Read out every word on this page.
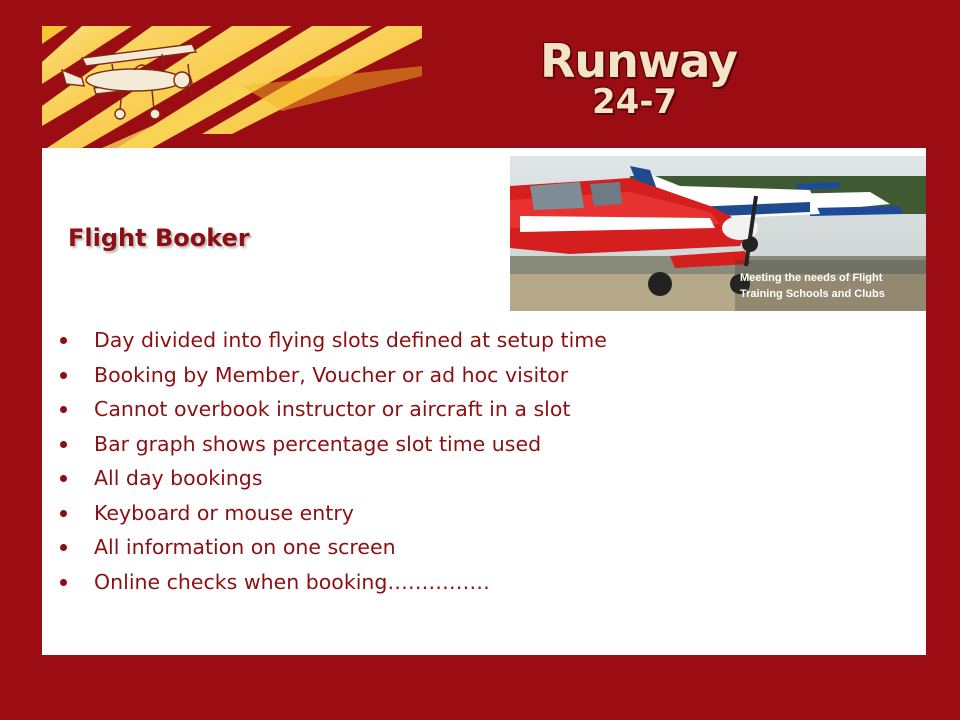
Runway
24-7
Meeting the needs of Flight
Training Schools and Clubs
Flight Booker
Day divided into flying slots defined at setup time
Booking by Member, Voucher or ad hoc visitor
Cannot overbook instructor or aircraft in a slot
Bar graph shows percentage slot time used
All day bookings
Keyboard or mouse entry
All information on one screen
Online checks when booking……………
